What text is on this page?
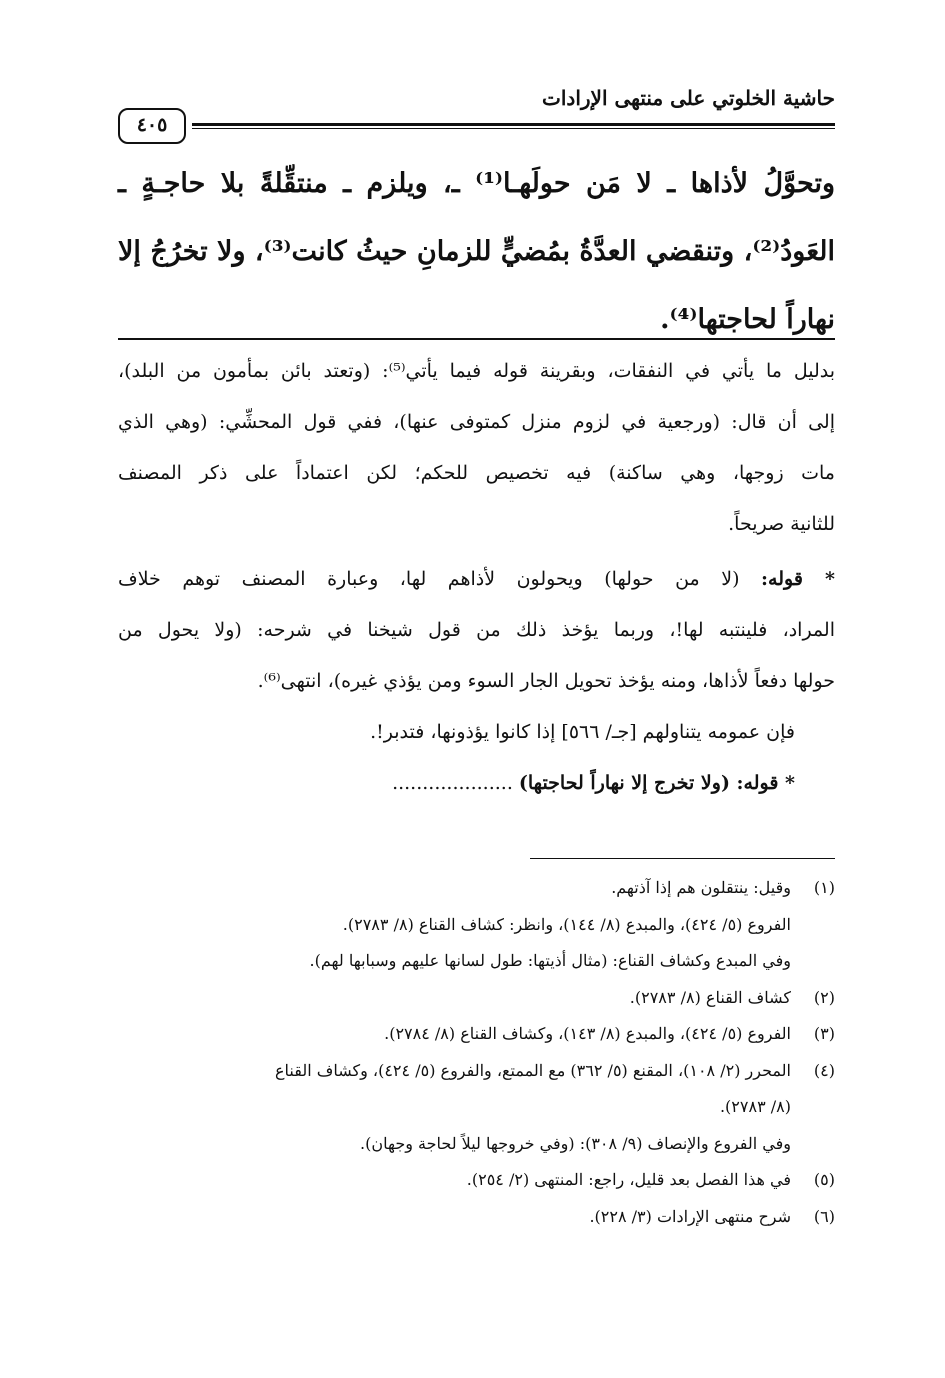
حاشية الخلوتي على منتهى الإرادات
٤٠٥
وتحوَّلُ لأذاها ـ لا مَن حولَهـا⁽¹⁾ ـ، ويلزم ـ منتقِّلةً بلا حاجـةٍ ـ
العَودُ⁽²⁾، وتنقضي العدَّةُ بمُضيٍّ للزمانِ حيثُ كانت⁽³⁾، ولا تخرُجُ إلا
نهاراً لحاجتها⁽⁴⁾.
بدليل ما يأتي في النفقات، وبقرينة قوله فيما يأتي⁽⁵⁾: (وتعتد بائن بمأمون من البلد)،
إلى أن قال: (ورجعية في لزوم منزل كمتوفى عنها)، ففي قول المحشِّي: (وهي الذي
مات زوجها، وهي ساكنة) فيه تخصيص للحكم؛ لكن اعتماداً على ذكر المصنف
للثانية صريحاً.
* قوله: (لا من حولها) ويحولون لأذاهم لها، وعبارة المصنف توهم خلاف
المراد، فلينتبه لها!، وربما يؤخذ ذلك من قول شيخنا في شرحه: (ولا يحول من
حولها دفعاً لأذاها، ومنه يؤخذ تحويل الجار السوء ومن يؤذي غيره)، انتهى⁽⁶⁾.
فإن عمومه يتناولهم [جـ/ ٥٦٦] إذا كانوا يؤذونها، فتدبر!.
* قوله: (ولا تخرج إلا نهاراً لحاجتها) ....................
(١)وقيل: ينتقلون هم إذا آذتهم.
الفروع (٥/ ٤٢٤)، والمبدع (٨/ ١٤٤)، وانظر: كشاف القناع (٨/ ٢٧٨٣).
وفي المبدع وكشاف القناع: (مثال أذيتها: طول لسانها عليهم وسبابها لهم).
(٢)كشاف القناع (٨/ ٢٧٨٣).
(٣)الفروع (٥/ ٤٢٤)، والمبدع (٨/ ١٤٣)، وكشاف القناع (٨/ ٢٧٨٤).
(٤)المحرر (٢/ ١٠٨)، المقنع (٥/ ٣٦٢) مع الممتع، والفروع (٥/ ٤٢٤)، وكشاف القناع
(٨/ ٢٧٨٣).
وفي الفروع والإنصاف (٩/ ٣٠٨): (وفي خروجها ليلاً لحاجة وجهان).
(٥)في هذا الفصل بعد قليل، راجع: المنتهى (٢/ ٢٥٤).
(٦)شرح منتهى الإرادات (٣/ ٢٢٨).
